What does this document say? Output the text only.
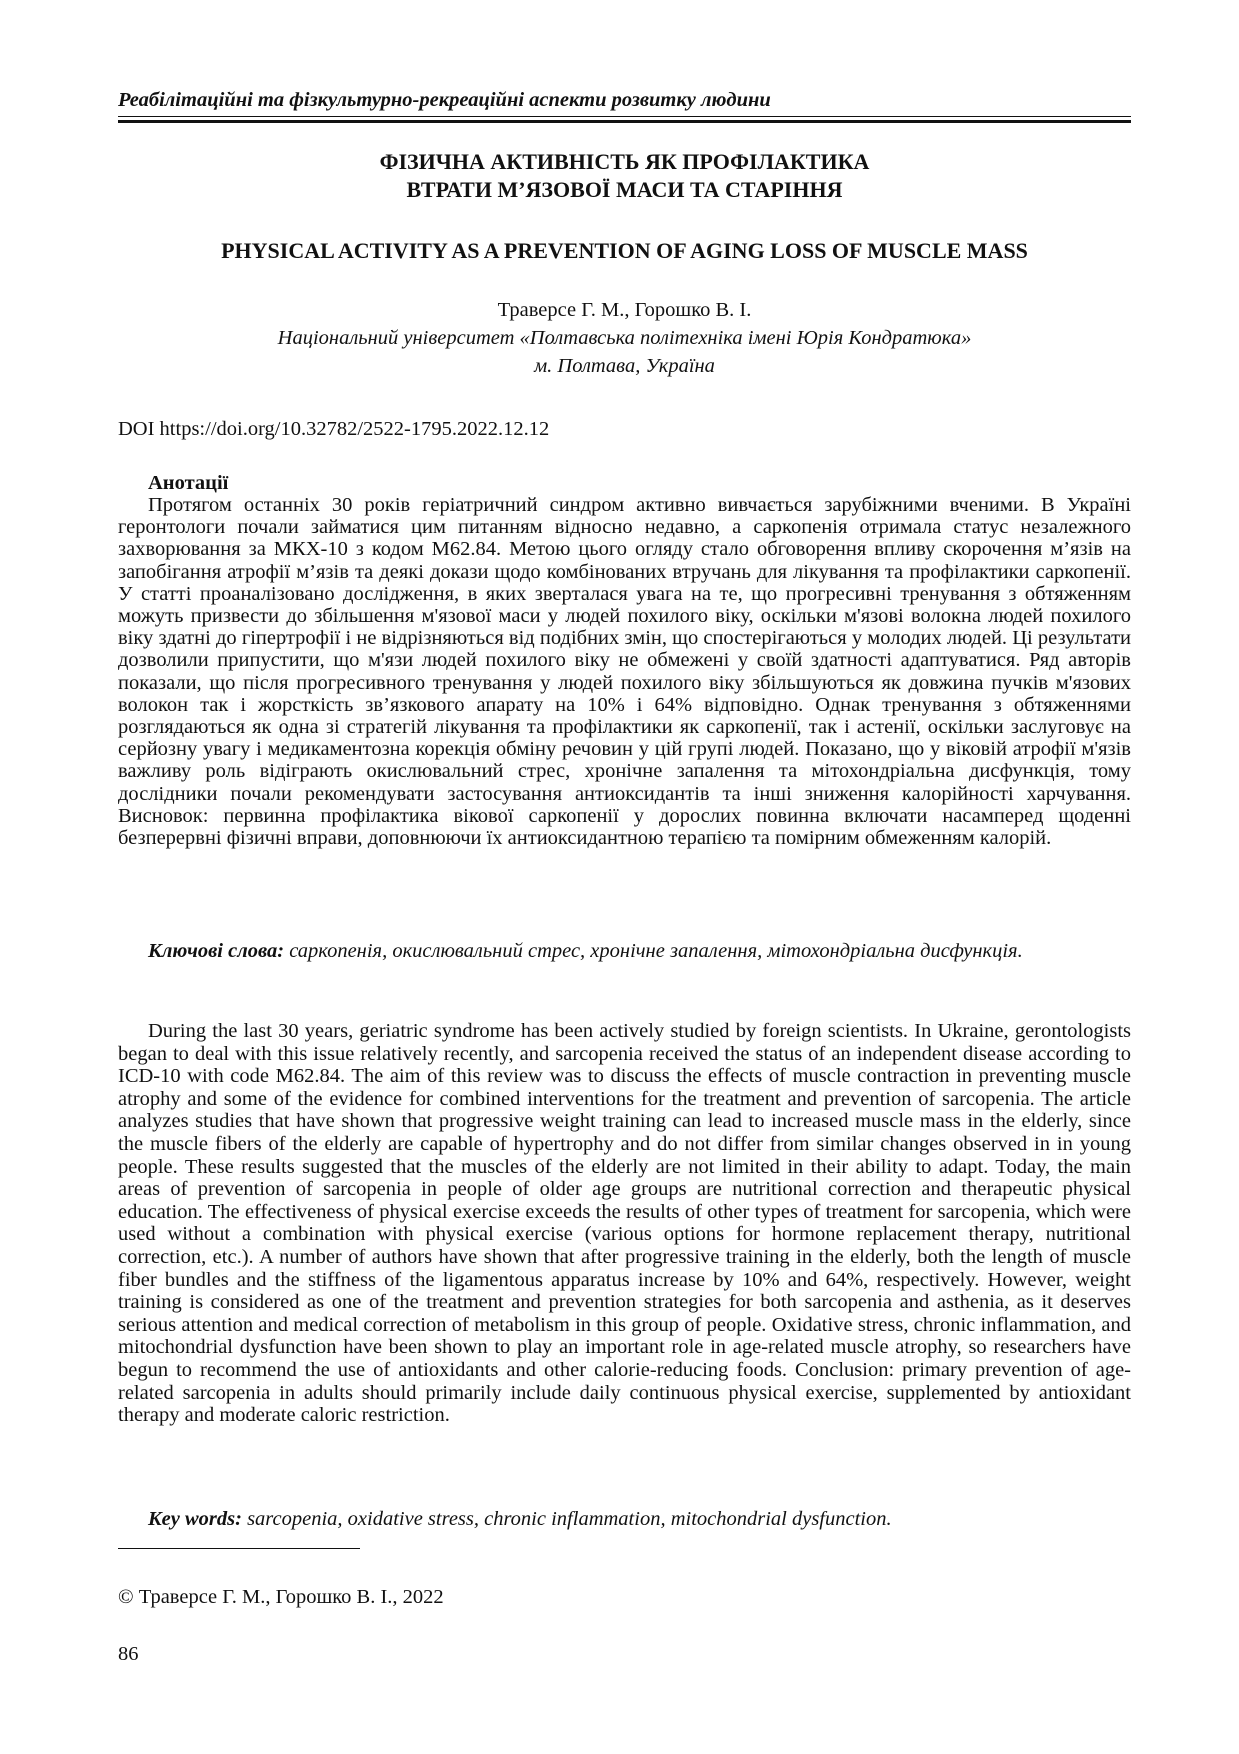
Реабілітаційні та фізкультурно-рекреаційні аспекти розвитку людини
ФІЗИЧНА АКТИВНІСТЬ ЯК ПРОФІЛАКТИКА
ВТРАТИ М’ЯЗОВОЇ МАСИ ТА СТАРІННЯ
PHYSICAL ACTIVITY AS A PREVENTION OF AGING LOSS OF MUSCLE MASS
Траверсе Г. М., Горошко В. І.
Національний університет «Полтавська політехніка імені Юрія Кондратюка»
м. Полтава, Україна
DOI https://doi.org/10.32782/2522-1795.2022.12.12
Анотації

Протягом останніх 30 років геріатричний синдром активно вивчається зарубіжними вченими. В Україні геронтологи почали займатися цим питанням відносно недавно, а саркопенія отримала статус незалежного захворювання за МКХ-10 з кодом M62.84. Метою цього огляду стало обговорення впливу скорочення м’язів на запобігання атрофії м’язів та деякі докази щодо комбінованих втручань для лікування та профілактики саркопенії. У статті проаналізовано дослідження, в яких зверталася увага на те, що прогресивні тренування з обтяженням можуть призвести до збільшення м'язової маси у людей похилого віку, оскільки м'язові волокна людей похилого віку здатні до гіпертрофії і не відрізняються від подібних змін, що спостерігаються у молодих людей. Ці результати дозволили припустити, що м'язи людей похилого віку не обмежені у своїй здатності адаптуватися. Ряд авторів показали, що після прогресивного тренування у людей похилого віку збільшуються як довжина пучків м'язових волокон так і жорсткість зв’язкового апарату на 10% і 64% відповідно. Однак тренування з обтяженнями розглядаються як одна зі стратегій лікування та профілактики як саркопенії, так і астенії, оскільки заслуговує на серйозну увагу і медикаментозна корекція обміну речовин у цій групі людей. Показано, що у віковій атрофії м'язів важливу роль відіграють окислювальний стрес, хронічне запалення та мітохондріальна дисфункція, тому дослідники почали рекомендувати застосування антиоксидантів та інші зниження калорійності харчування. Висновок: первинна профілактика вікової саркопенії у дорослих повинна включати насамперед щоденні безперервні фізичні вправи, доповнюючи їх антиоксидантною терапією та помірним обмеженням калорій.

Ключові слова: саркопенія, окислювальний стрес, хронічне запалення, мітохондріальна дисфункція.

During the last 30 years, geriatric syndrome has been actively studied by foreign scientists. In Ukraine, gerontologists began to deal with this issue relatively recently, and sarcopenia received the status of an independent disease according to ICD-10 with code M62.84. The aim of this review was to discuss the effects of muscle contraction in preventing muscle atrophy and some of the evidence for combined interventions for the treatment and prevention of sarcopenia. The article analyzes studies that have shown that progressive weight training can lead to increased muscle mass in the elderly, since the muscle fibers of the elderly are capable of hypertrophy and do not differ from similar changes observed in in young people. These results suggested that the muscles of the elderly are not limited in their ability to adapt. Today, the main areas of prevention of sarcopenia in people of older age groups are nutritional correction and therapeutic physical education. The effectiveness of physical exercise exceeds the results of other types of treatment for sarcopenia, which were used without a combination with physical exercise (various options for hormone replacement therapy, nutritional correction, etc.). A number of authors have shown that after progressive training in the elderly, both the length of muscle fiber bundles and the stiffness of the ligamentous apparatus increase by 10% and 64%, respectively. However, weight training is considered as one of the treatment and prevention strategies for both sarcopenia and asthenia, as it deserves serious attention and medical correction of metabolism in this group of people. Oxidative stress, chronic inflammation, and mitochondrial dysfunction have been shown to play an important role in age-related muscle atrophy, so researchers have begun to recommend the use of antioxidants and other calorie-reducing foods. Conclusion: primary prevention of age-related sarcopenia in adults should primarily include daily continuous physical exercise, supplemented by antioxidant therapy and moderate caloric restriction.

Key words: sarcopenia, oxidative stress, chronic inflammation, mitochondrial dysfunction.

© Траверсе Г. М., Горошко В. І., 2022
86
